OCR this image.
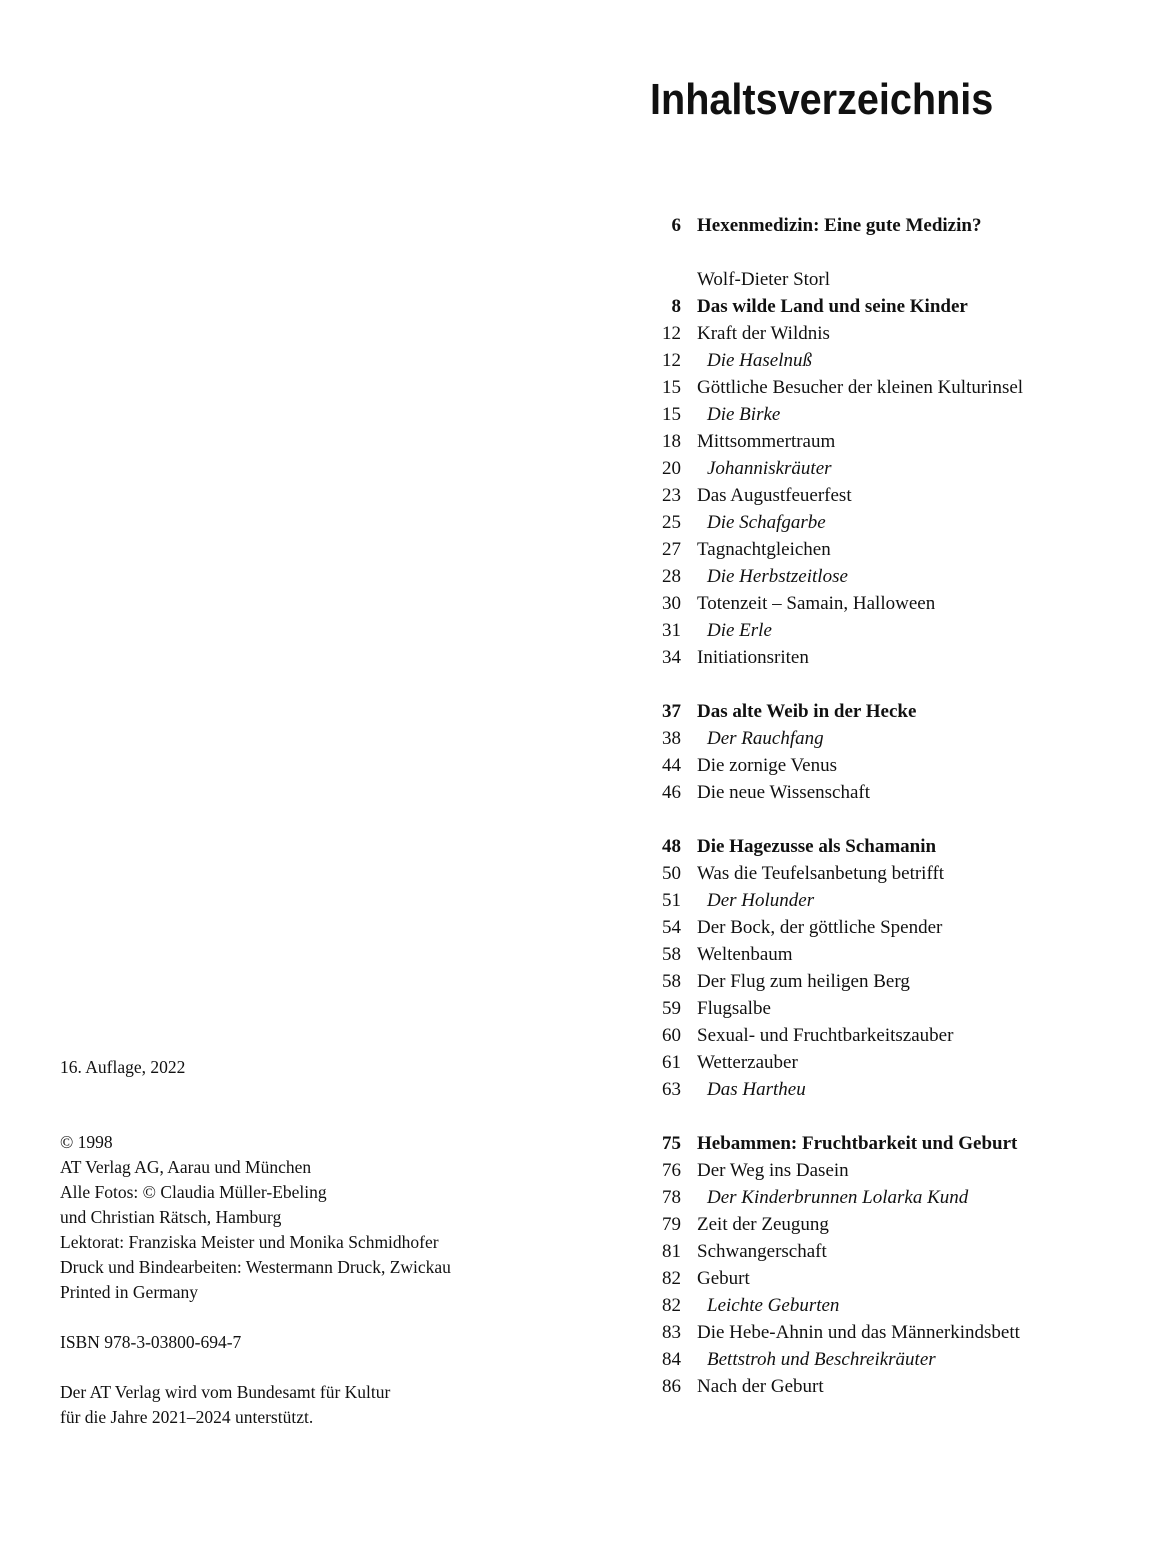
Inhaltsverzeichnis
6 Hexenmedizin: Eine gute Medizin?
Wolf-Dieter Storl
8 Das wilde Land und seine Kinder
12 Kraft der Wildnis
12	Die Haselnuß
15 Göttliche Besucher der kleinen Kulturinsel
15	Die Birke
18 Mittsommertraum
20	Johanniskräuter
23 Das Augustfeuerfest
25	Die Schafgarbe
27 Tagnachtgleichen
28	Die Herbstzeitlose
30 Totenzeit – Samain, Halloween
31	Die Erle
34 Initiationsriten
37 Das alte Weib in der Hecke
38	Der Rauchfang
44 Die zornige Venus
46 Die neue Wissenschaft
48 Die Hagezusse als Schamanin
50 Was die Teufelsanbetung betrifft
51	Der Holunder
54 Der Bock, der göttliche Spender
58 Weltenbaum
58 Der Flug zum heiligen Berg
59 Flugsalbe
60 Sexual- und Fruchtbarkeitszauber
61 Wetterzauber
63	Das Hartheu
75 Hebammen: Fruchtbarkeit und Geburt
76 Der Weg ins Dasein
78	Der Kinderbrunnen Lolarka Kund
79 Zeit der Zeugung
81 Schwangerschaft
82 Geburt
82	Leichte Geburten
83 Die Hebe-Ahnin und das Männerkindsbett
84	Bettstroh und Beschreikräuter
86 Nach der Geburt
16. Auflage, 2022
© 1998
AT Verlag AG, Aarau und München
Alle Fotos: © Claudia Müller-Ebeling
und Christian Rätsch, Hamburg
Lektorat: Franziska Meister und Monika Schmidhofer
Druck und Bindearbeiten: Westermann Druck, Zwickau
Printed in Germany
ISBN 978-3-03800-694-7
Der AT Verlag wird vom Bundesamt für Kultur
für die Jahre 2021–2024 unterstützt.
